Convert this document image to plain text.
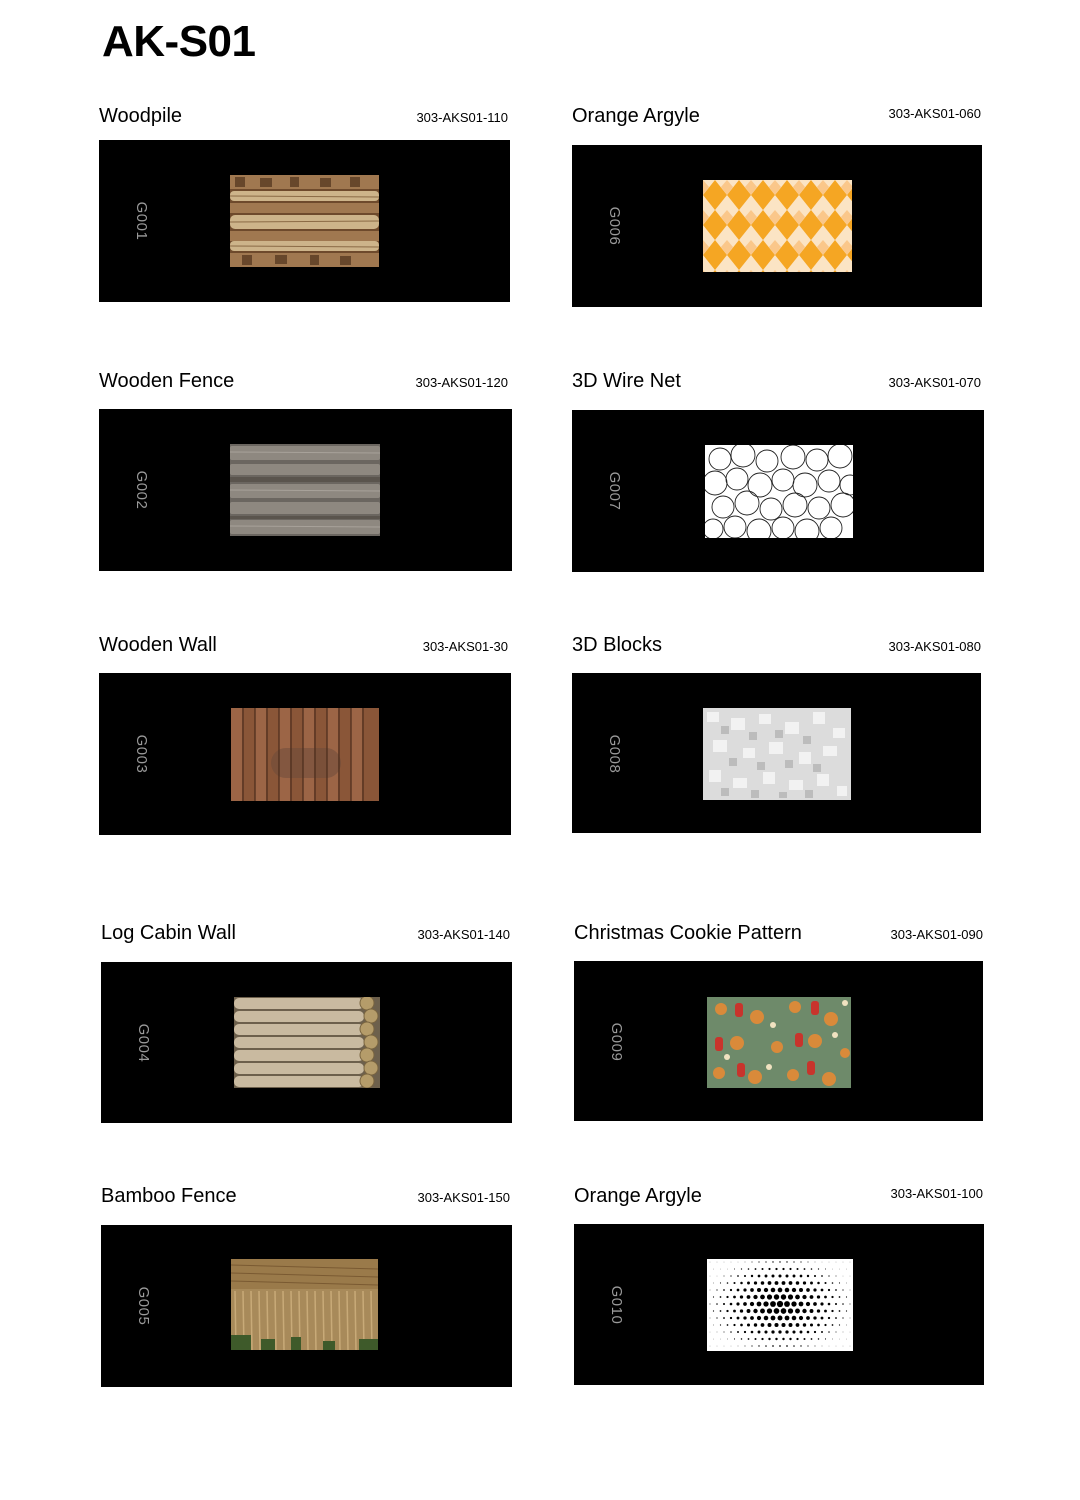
AK-S01
Woodpile	303-AKS01-110
G001
Orange Argyle	303-AKS01-060
G006
Wooden Fence	303-AKS01-120
G002
3D Wire Net	303-AKS01-070
G007
Wooden Wall	303-AKS01-30
G003
3D Blocks	303-AKS01-080
G008
Log Cabin Wall	303-AKS01-140
G004
Christmas Cookie Pattern	303-AKS01-090
G009
Bamboo Fence	303-AKS01-150
G005
Orange Argyle	303-AKS01-100
G010
